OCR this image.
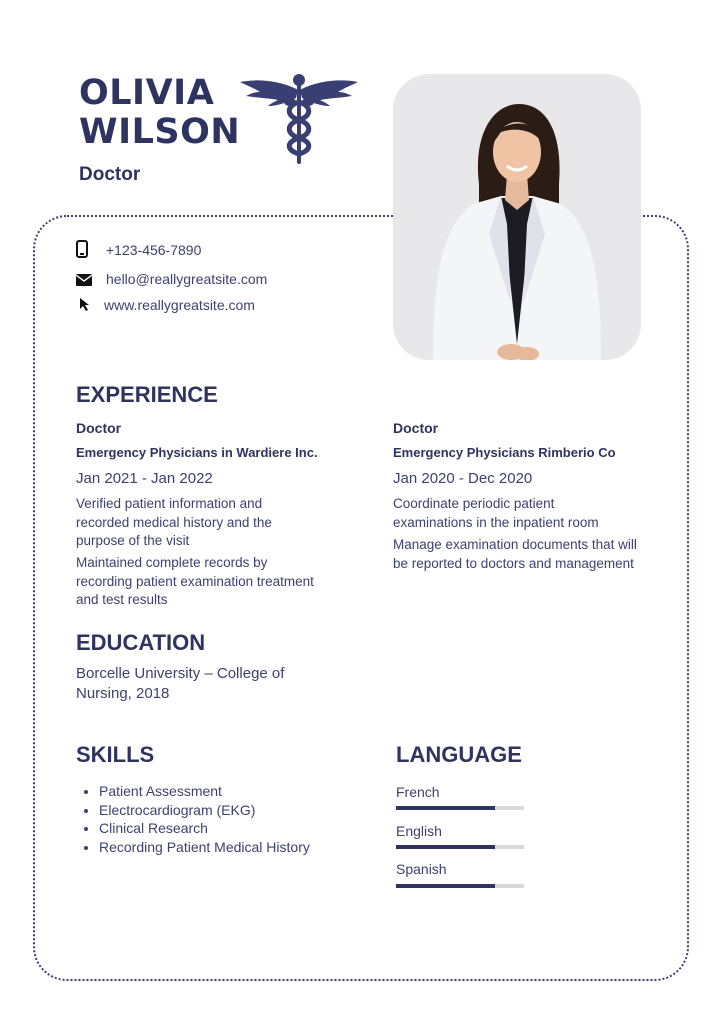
OLIVIA
WILSON
Doctor
+123-456-7890
hello@reallygreatsite.com
www.reallygreatsite.com
EXPERIENCE
Doctor
Emergency Physicians in Wardiere Inc.
Jan 2021 - Jan 2022

Verified patient information and recorded medical history and the purpose of the visit

Maintained complete records by recording patient examination treatment and test results

Doctor
Emergency Physicians Rimberio Co
Jan 2020 - Dec 2020

Coordinate periodic patient examinations in the inpatient room

Manage examination documents that will be reported to doctors and management

EDUCATION

Borcelle University – College of Nursing, 2018

SKILLS
• Patient Assessment
• Electrocardiogram (EKG)
• Clinical Research
• Recording Patient Medical History
LANGUAGE
French
English
Spanish
